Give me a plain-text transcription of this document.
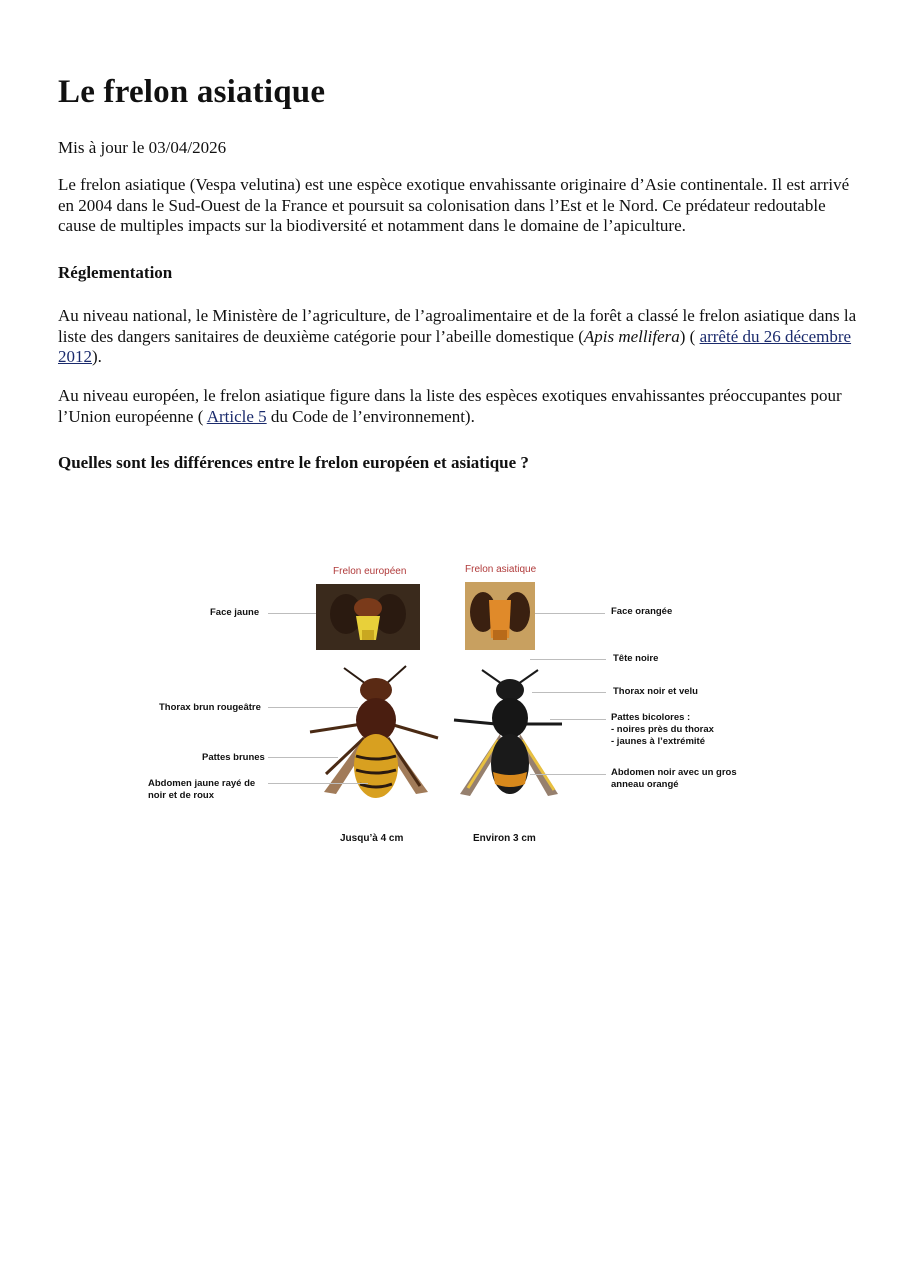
Le frelon asiatique

Mis à jour le 03/04/2026

Le frelon asiatique (Vespa velutina) est une espèce exotique envahissante originaire d’Asie continentale. Il est arrivé en 2004 dans le Sud-Ouest de la France et poursuit sa colonisation dans l’Est et le Nord. Ce prédateur redoutable cause de multiples impacts sur la biodiversité et notamment dans le domaine de l’apiculture.

Réglementation

Au niveau national, le Ministère de l’agriculture, de l’agroalimentaire et de la forêt a classé le frelon asiatique dans la liste des dangers sanitaires de deuxième catégorie pour l’abeille domestique (Apis mellifera) ( arrêté du 26 décembre 2012).

Au niveau européen, le frelon asiatique figure dans la liste des espèces exotiques envahissantes préoccupantes pour l’Union européenne ( Article 5 du Code de l’environnement).

Quelles sont les différences entre le frelon européen et asiatique ?

Frelon européen	Frelon asiatique
Face jaune
Thorax brun rougeâtre
Pattes brunes
Abdomen jaune rayé de
noir et de roux
Face orangée
Tête noire
Thorax noir et velu
Pattes bicolores :
- noires près du thorax
- jaunes à l’extrémité
Abdomen noir avec un gros
anneau orangé
Jusqu’à 4 cm	Environ 3 cm
